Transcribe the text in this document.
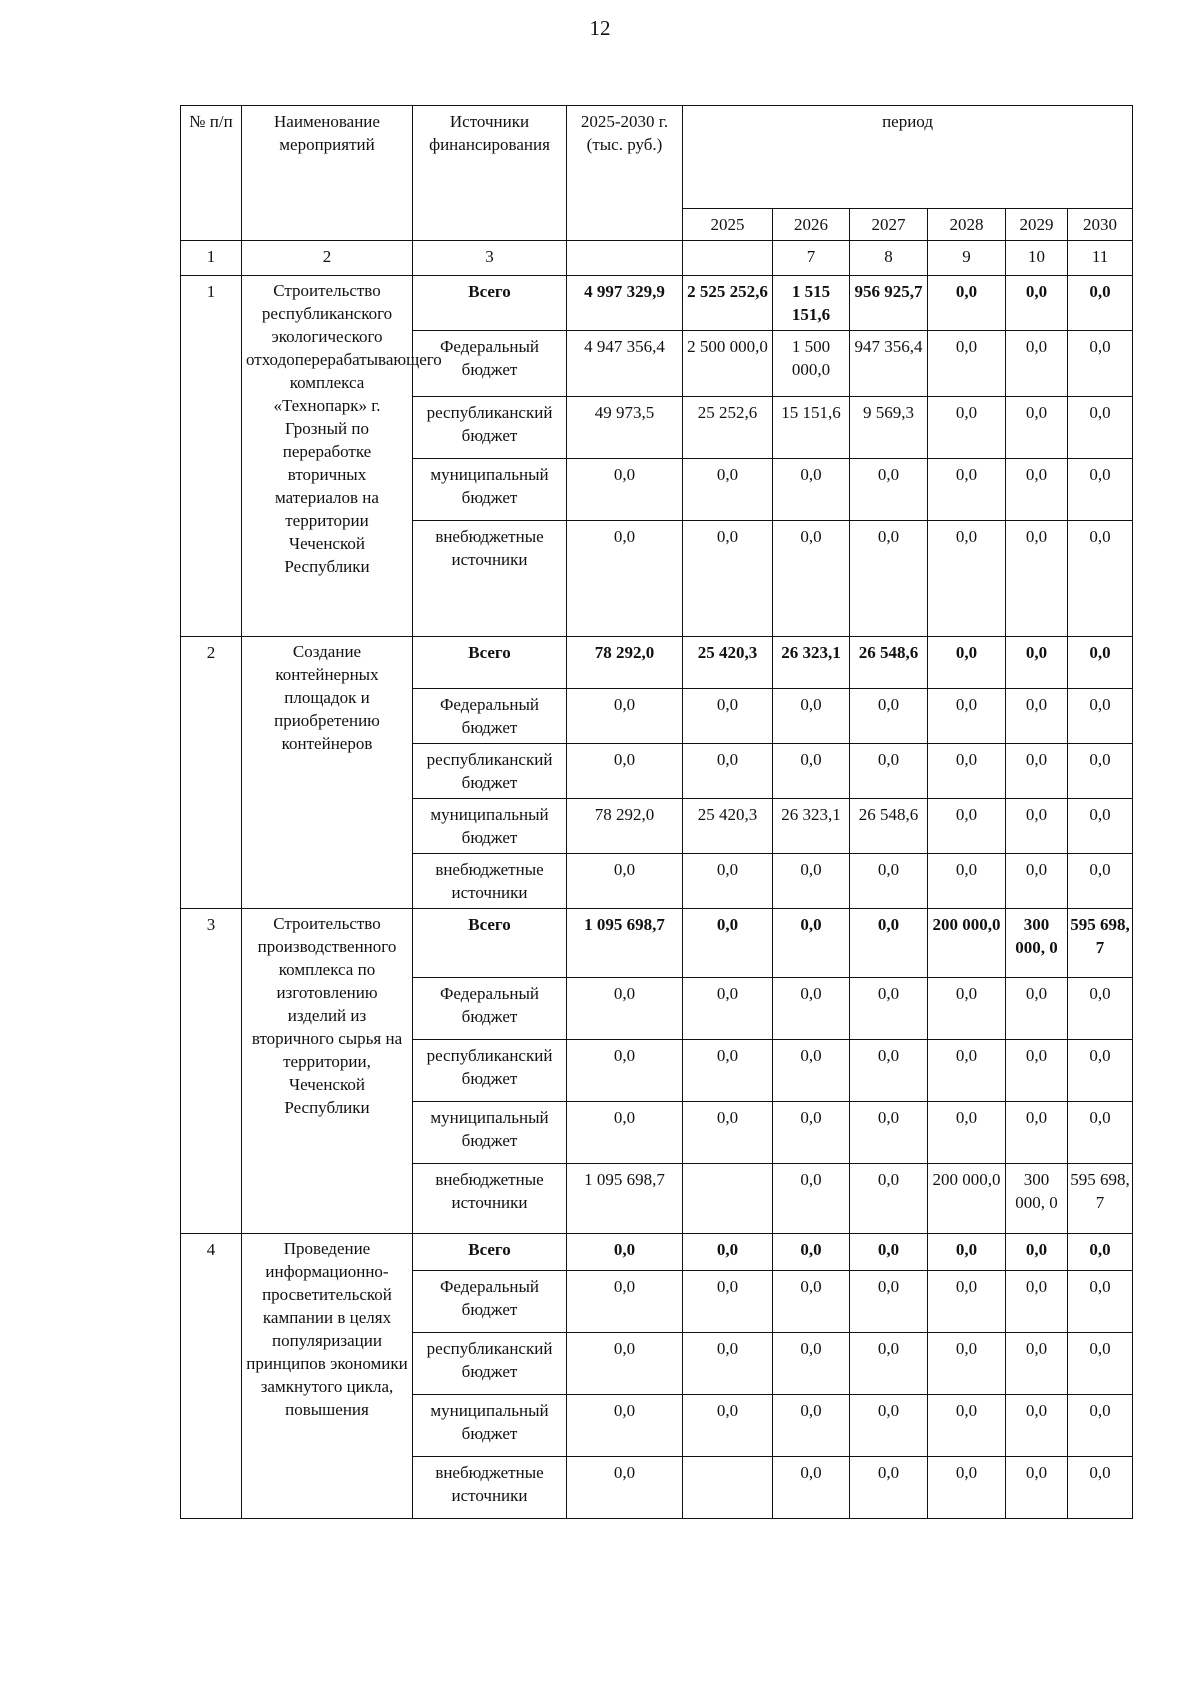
12
№ п/п	Наименование мероприятий	Источники финансирования	2025-2030 г. (тыс. руб.)	период					
				2025	2026	2027	2028	2029	2030
1	2	3			7	8	9	10	11
1	Строительство республиканского экологического отходоперерабатывающего комплекса «Технопарк» г. Грозный по переработке вторичных материалов на территории Чеченской Республики	Всего	4 997 329,9	2 525 252,6	1 515 151,6	956 925,7	0,0	0,0	0,0
		Федеральный бюджет	4 947 356,4	2 500 000,0	1 500 000,0	947 356,4	0,0	0,0	0,0
		республиканский бюджет	49 973,5	25 252,6	15 151,6	9 569,3	0,0	0,0	0,0
		муниципальный бюджет	0,0	0,0	0,0	0,0	0,0	0,0	0,0
		внебюджетные источники	0,0	0,0	0,0	0,0	0,0	0,0	0,0
2	Создание контейнерных площадок и приобретению контейнеров	Всего	78 292,0	25 420,3	26 323,1	26 548,6	0,0	0,0	0,0
		Федеральный бюджет	0,0	0,0	0,0	0,0	0,0	0,0	0,0
		республиканский бюджет	0,0	0,0	0,0	0,0	0,0	0,0	0,0
		муниципальный бюджет	78 292,0	25 420,3	26 323,1	26 548,6	0,0	0,0	0,0
		внебюджетные источники	0,0	0,0	0,0	0,0	0,0	0,0	0,0
3	Строительство производственного комплекса по изготовлению изделий из вторичного сырья на территории, Чеченской Республики	Всего	1 095 698,7	0,0	0,0	0,0	200 000,0	300 000, 0	595 698, 7
		Федеральный бюджет	0,0	0,0	0,0	0,0	0,0	0,0	0,0
		республиканский бюджет	0,0	0,0	0,0	0,0	0,0	0,0	0,0
		муниципальный бюджет	0,0	0,0	0,0	0,0	0,0	0,0	0,0
		внебюджетные источники	1 095 698,7		0,0	0,0	200 000,0	300 000, 0	595 698, 7
4	Проведение информационно-просветительской кампании в целях популяризации принципов экономики замкнутого цикла, повышения	Всего	0,0	0,0	0,0	0,0	0,0	0,0	0,0
		Федеральный бюджет	0,0	0,0	0,0	0,0	0,0	0,0	0,0
		республиканский бюджет	0,0	0,0	0,0	0,0	0,0	0,0	0,0
		муниципальный бюджет	0,0	0,0	0,0	0,0	0,0	0,0	0,0
		внебюджетные источники	0,0		0,0	0,0	0,0	0,0	0,0
